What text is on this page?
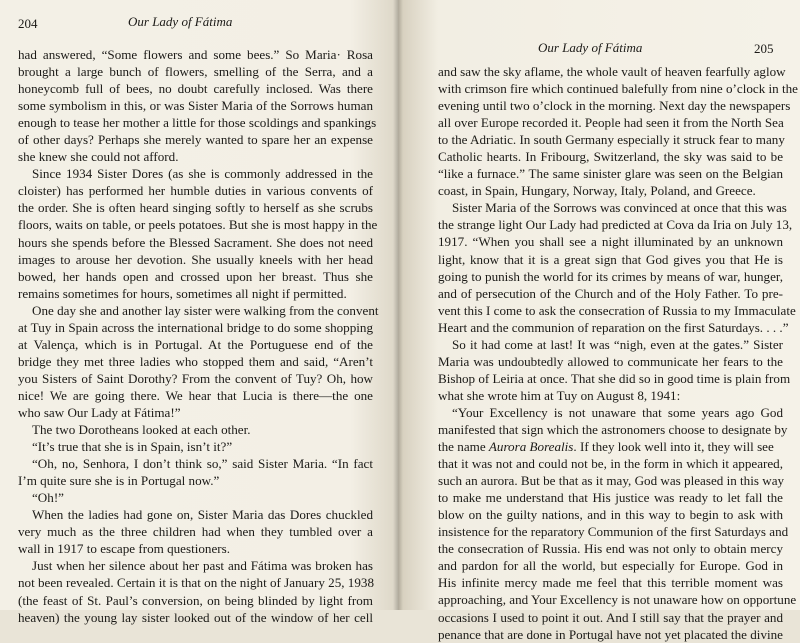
204	Our Lady of Fátima
had answered, “Some flowers and some bees.” So Maria· Rosa
brought a large bunch of flowers, smelling of the Serra, and a
honeycomb full of bees, no doubt carefully inclosed. Was there
some symbolism in this, or was Sister Maria of the Sorrows human
enough to tease her mother a little for those scoldings and spankings
of other days? Perhaps she merely wanted to spare her an expense
she knew she could not afford.
Since 1934 Sister Dores (as she is commonly addressed in the
cloister) has performed her humble duties in various convents of
the order. She is often heard singing softly to herself as she scrubs
floors, waits on table, or peels potatoes. But she is most happy in the
hours she spends before the Blessed Sacrament. She does not need
images to arouse her devotion. She usually kneels with her head
bowed, her hands open and crossed upon her breast. Thus she
remains sometimes for hours, sometimes all night if permitted.
One day she and another lay sister were walking from the convent
at Tuy in Spain across the international bridge to do some shopping
at Valença, which is in Portugal. At the Portuguese end of the
bridge they met three ladies who stopped them and said, “Aren’t
you Sisters of Saint Dorothy? From the convent of Tuy? Oh, how
nice! We are going there. We hear that Lucia is there—the one
who saw Our Lady at Fátima!”
The two Dorotheans looked at each other.
“It’s true that she is in Spain, isn’t it?”
“Oh, no, Senhora, I don’t think so,” said Sister Maria. “In fact
I’m quite sure she is in Portugal now.”
“Oh!”
When the ladies had gone on, Sister Maria das Dores chuckled
very much as the three children had when they tumbled over a
wall in 1917 to escape from questioners.
Just when her silence about her past and Fátima was broken has
not been revealed. Certain it is that on the night of January 25, 1938
(the feast of St. Paul’s conversion, on being blinded by light from
heaven) the young lay sister looked out of the window of her cell
Our Lady of Fátima	205
and saw the sky aflame, the whole vault of heaven fearfully aglow
with crimson fire which continued balefully from nine o’clock in the
evening until two o’clock in the morning. Next day the newspapers
all over Europe recorded it. People had seen it from the North Sea
to the Adriatic. In south Germany especially it struck fear to many
Catholic hearts. In Fribourg, Switzerland, the sky was said to be
“like a furnace.” The same sinister glare was seen on the Belgian
coast, in Spain, Hungary, Norway, Italy, Poland, and Greece.
Sister Maria of the Sorrows was convinced at once that this was
the strange light Our Lady had predicted at Cova da Iria on July 13,
1917. “When you shall see a night illuminated by an unknown
light, know that it is a great sign that God gives you that He is
going to punish the world for its crimes by means of war, hunger,
and of persecution of the Church and of the Holy Father. To pre-
vent this I come to ask the consecration of Russia to my Immaculate
Heart and the communion of reparation on the first Saturdays. . . .”
So it had come at last! It was “nigh, even at the gates.” Sister
Maria was undoubtedly allowed to communicate her fears to the
Bishop of Leiria at once. That she did so in good time is plain from
what she wrote him at Tuy on August 8, 1941:
“Your Excellency is not unaware that some years ago God
manifested that sign which the astronomers choose to designate by
the name Aurora Borealis. If they look well into it, they will see
that it was not and could not be, in the form in which it appeared,
such an aurora. But be that as it may, God was pleased in this way
to make me understand that His justice was ready to let fall the
blow on the guilty nations, and in this way to begin to ask with
insistence for the reparatory Communion of the first Saturdays and
the consecration of Russia. His end was not only to obtain mercy
and pardon for all the world, but especially for Europe. God in
His infinite mercy made me feel that this terrible moment was
approaching, and Your Excellency is not unaware how on opportune
occasions I used to point it out. And I still say that the prayer and
penance that are done in Portugal have not yet placated the divine
